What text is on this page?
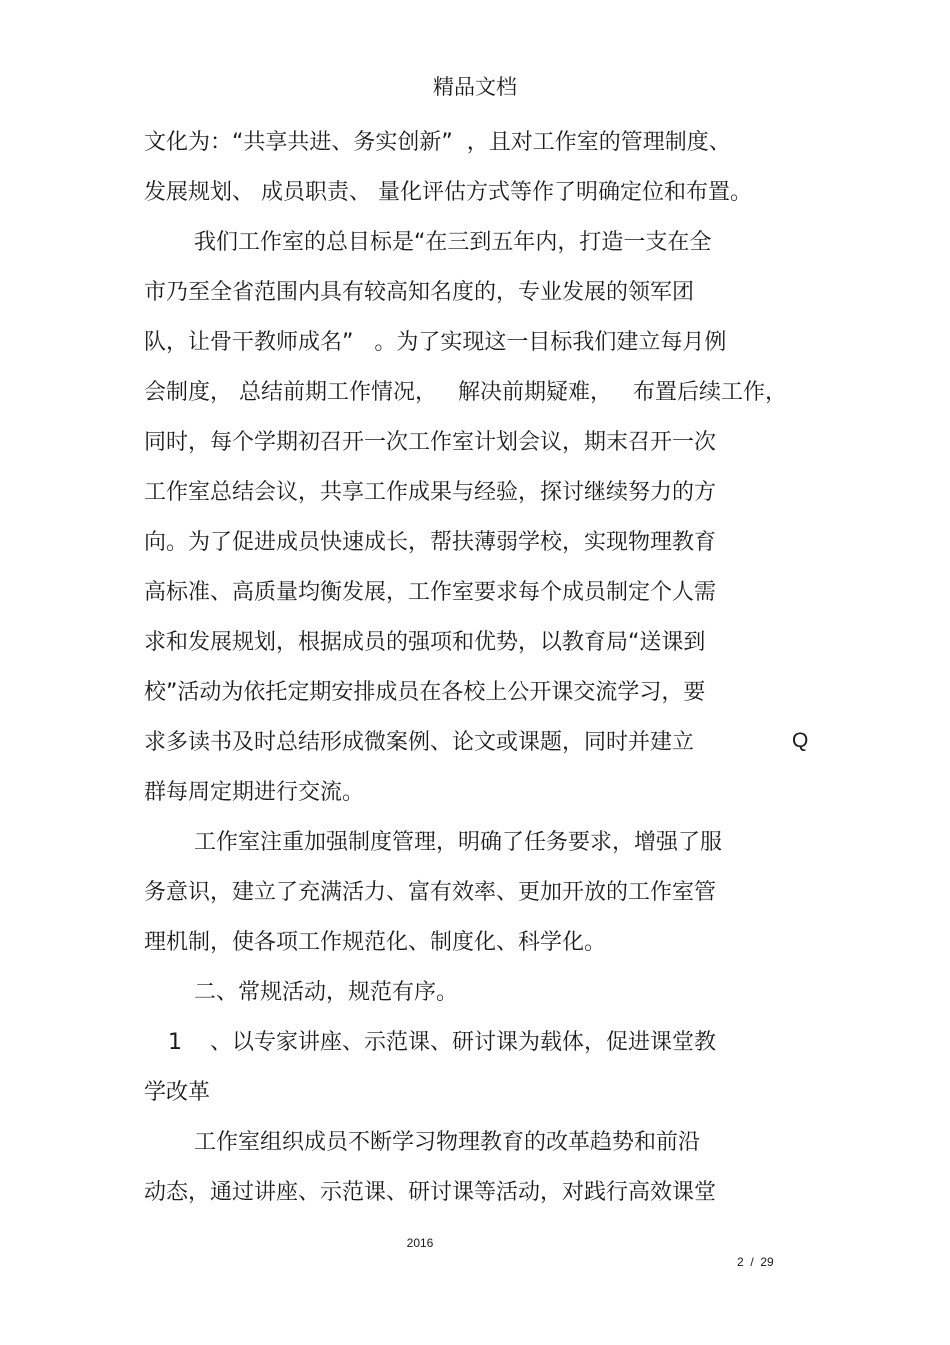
精品文档
文化为：“共享共进、务实创新”  ，且对工作室的管理制度、
发展规划、 成员职责、 量化评估方式等作了明确定位和布置。
我们工作室的总目标是“在三到五年内，打造一支在全
市乃至全省范围内具有较高知名度的，专业发展的领军团
队，让骨干教师成名”   。为了实现这一目标我们建立每月例
会制度， 总结前期工作情况，   解决前期疑难，   布置后续工作，
同时，每个学期初召开一次工作室计划会议，期末召开一次
工作室总结会议，共享工作成果与经验，探讨继续努力的方
向。为了促进成员快速成长，帮扶薄弱学校，实现物理教育
高标准、高质量均衡发展，工作室要求每个成员制定个人需
求和发展规划，根据成员的强项和优势，以教育局“送课到
校”活动为依托定期安排成员在各校上公开课交流学习，要
求多读书及时总结形成微案例、论文或课题，同时并建立
群每周定期进行交流。
工作室注重加强制度管理，明确了任务要求，增强了服
务意识，建立了充满活力、富有效率、更加开放的工作室管
理机制，使各项工作规范化、制度化、科学化。
二、常规活动，规范有序。
1    、以专家讲座、示范课、研讨课为载体，促进课堂教
学改革
工作室组织成员不断学习物理教育的改革趋势和前沿
动态，通过讲座、示范课、研讨课等活动，对践行高效课堂
Q
2016
2  /  29
